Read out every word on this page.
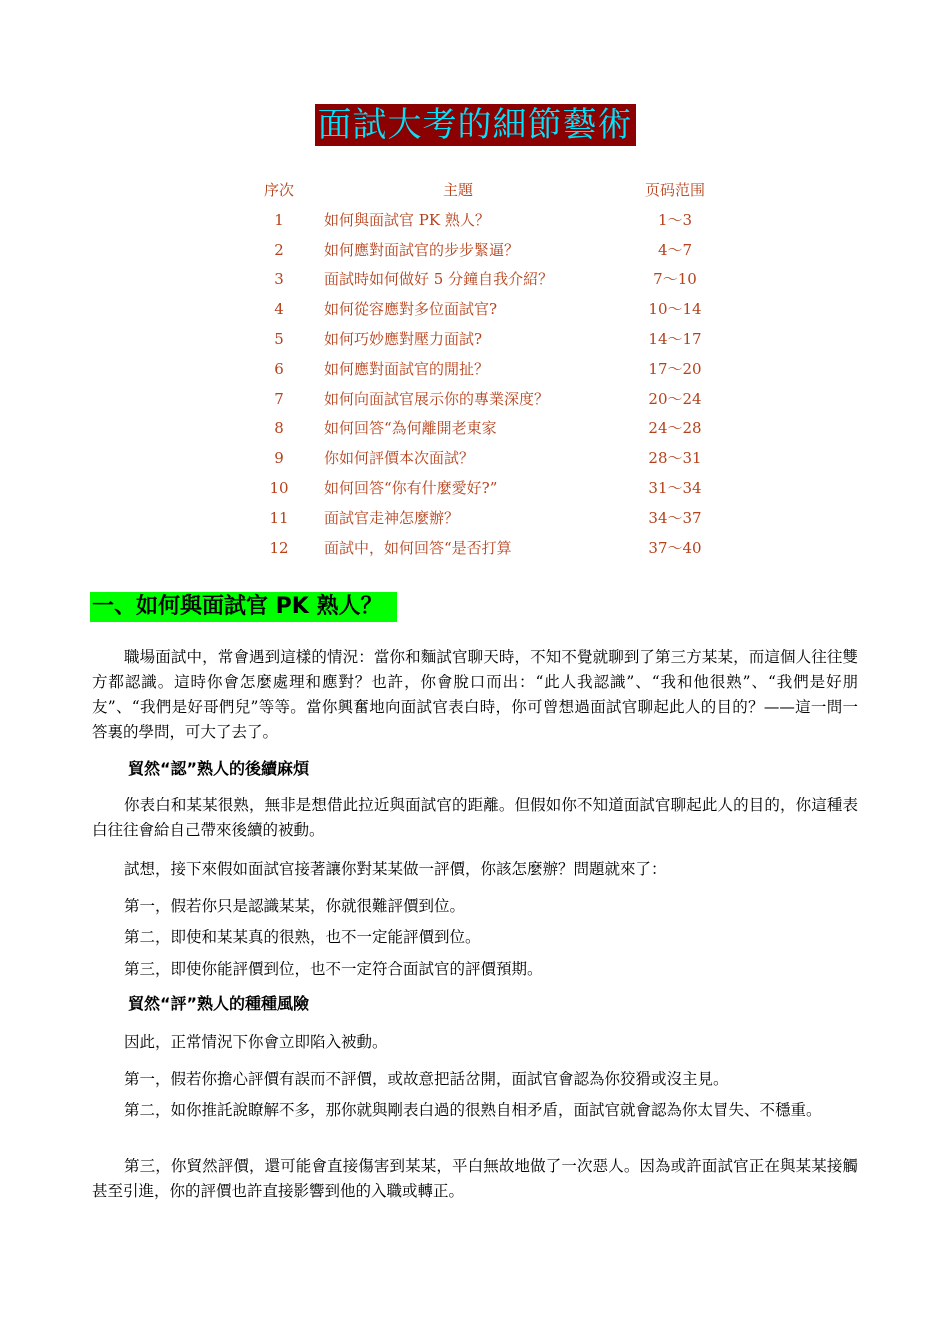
面試大考的細節藝術
序次	主題	页码范围
1	如何與面試官 PK 熟人？	1～3
2	如何應對面試官的步步緊逼？	4～7
3	面試時如何做好 5 分鐘自我介紹？	7～10
4	如何從容應對多位面試官?	10～14
5	如何巧妙應對壓力面試?	14～17
6	如何應對面試官的閒扯？	17～20
7	如何向面試官展示你的專業深度？	20～24
8	如何回答“為何離開老東家	24～28
9	你如何評價本次面試？	28～31
10	如何回答“你有什麼愛好?”	31～34
11	面試官走神怎麼辦？	34～37
12	面試中，如何回答“是否打算	37～40
一、如何與面試官 PK 熟人？
職場面試中，常會遇到這樣的情況：當你和麵試官聊天時，不知不覺就聊到了第三方某某，而這個人往往雙方都認識。這時你會怎麼處理和應對？也許，你會脫口而出：“此人我認識”、“我和他很熟”、“我們是好朋友”、“我們是好哥們兒”等等。當你興奮地向面試官表白時，你可曾想過面試官聊起此人的目的？——這一問一答裏的學問，可大了去了。
貿然“認”熟人的後續麻煩
你表白和某某很熟，無非是想借此拉近與面試官的距離。但假如你不知道面試官聊起此人的目的，你這種表白往往會給自己帶來後續的被動。
試想，接下來假如面試官接著讓你對某某做一評價，你該怎麼辦？問題就來了：
第一，假若你只是認識某某，你就很難評價到位。
第二，即使和某某真的很熟，也不一定能評價到位。
第三，即使你能評價到位，也不一定符合面試官的評價預期。
貿然“評”熟人的種種風險
因此，正常情況下你會立即陷入被動。
第一，假若你擔心評價有誤而不評價，或故意把話岔開，面試官會認為你狡猾或沒主見。
第二，如你推託說瞭解不多，那你就與剛表白過的很熟自相矛盾，面試官就會認為你太冒失、不穩重。
第三，你貿然評價，還可能會直接傷害到某某，平白無故地做了一次惡人。因為或許面試官正在與某某接觸甚至引進，你的評價也許直接影響到他的入職或轉正。
